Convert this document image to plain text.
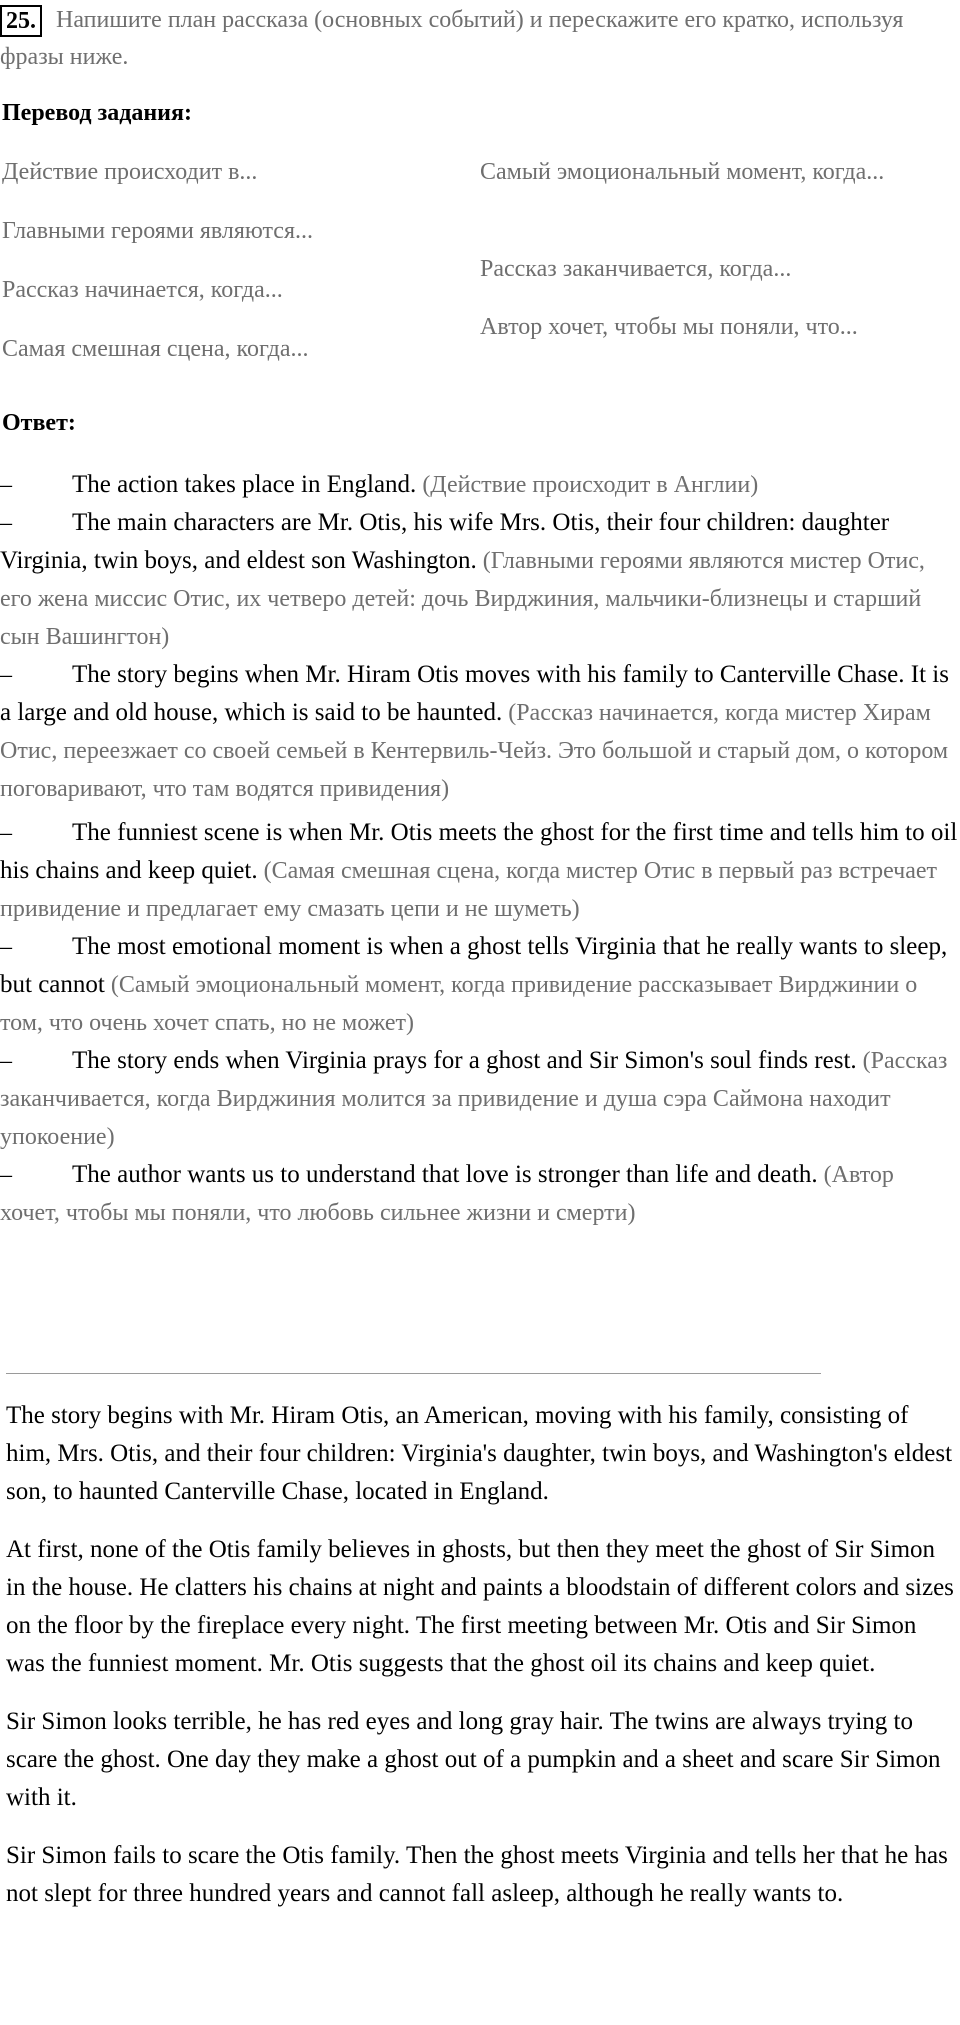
25. Напишите план рассказа (основных событий) и перескажите его кратко, используя фразы ниже.
Перевод задания:
Действие происходит в...
Главными героями являются...
Рассказ начинается, когда...
Самая смешная сцена, когда...
Самый эмоциональный момент, когда...
Рассказ заканчивается, когда...
Автор хочет, чтобы мы поняли, что...
Ответ:
– The action takes place in England. (Действие происходит в Англии)
– The main characters are Mr. Otis, his wife Mrs. Otis, their four children: daughter Virginia, twin boys, and eldest son Washington. (Главными героями являются мистер Отис, его жена миссис Отис, их четверо детей: дочь Вирджиния, мальчики-близнецы и старший сын Вашингтон)
– The story begins when Mr. Hiram Otis moves with his family to Canterville Chase. It is a large and old house, which is said to be haunted. (Рассказ начинается, когда мистер Хирам Отис, переезжает со своей семьей в Кентервиль-Чейз. Это большой и старый дом, о котором поговаривают, что там водятся привидения)
– The funniest scene is when Mr. Otis meets the ghost for the first time and tells him to oil his chains and keep quiet. (Самая смешная сцена, когда мистер Отис в первый раз встречает привидение и предлагает ему смазать цепи и не шуметь)
– The most emotional moment is when a ghost tells Virginia that he really wants to sleep, but cannot (Самый эмоциональный момент, когда привидение рассказывает Вирджинии о том, что очень хочет спать, но не может)
– The story ends when Virginia prays for a ghost and Sir Simon's soul finds rest. (Рассказ заканчивается, когда Вирджиния молится за привидение и душа сэра Саймона находит упокоение)
– The author wants us to understand that love is stronger than life and death. (Автор хочет, чтобы мы поняли, что любовь сильнее жизни и смерти)

The story begins with Mr. Hiram Otis, an American, moving with his family, consisting of him, Mrs. Otis, and their four children: Virginia's daughter, twin boys, and Washington's eldest son, to haunted Canterville Chase, located in England.

At first, none of the Otis family believes in ghosts, but then they meet the ghost of Sir Simon in the house. He clatters his chains at night and paints a bloodstain of different colors and sizes on the floor by the fireplace every night. The first meeting between Mr. Otis and Sir Simon was the funniest moment. Mr. Otis suggests that the ghost oil its chains and keep quiet.

Sir Simon looks terrible, he has red eyes and long gray hair. The twins are always trying to scare the ghost. One day they make a ghost out of a pumpkin and a sheet and scare Sir Simon with it.

Sir Simon fails to scare the Otis family. Then the ghost meets Virginia and tells her that he has not slept for three hundred years and cannot fall asleep, although he really wants to.
